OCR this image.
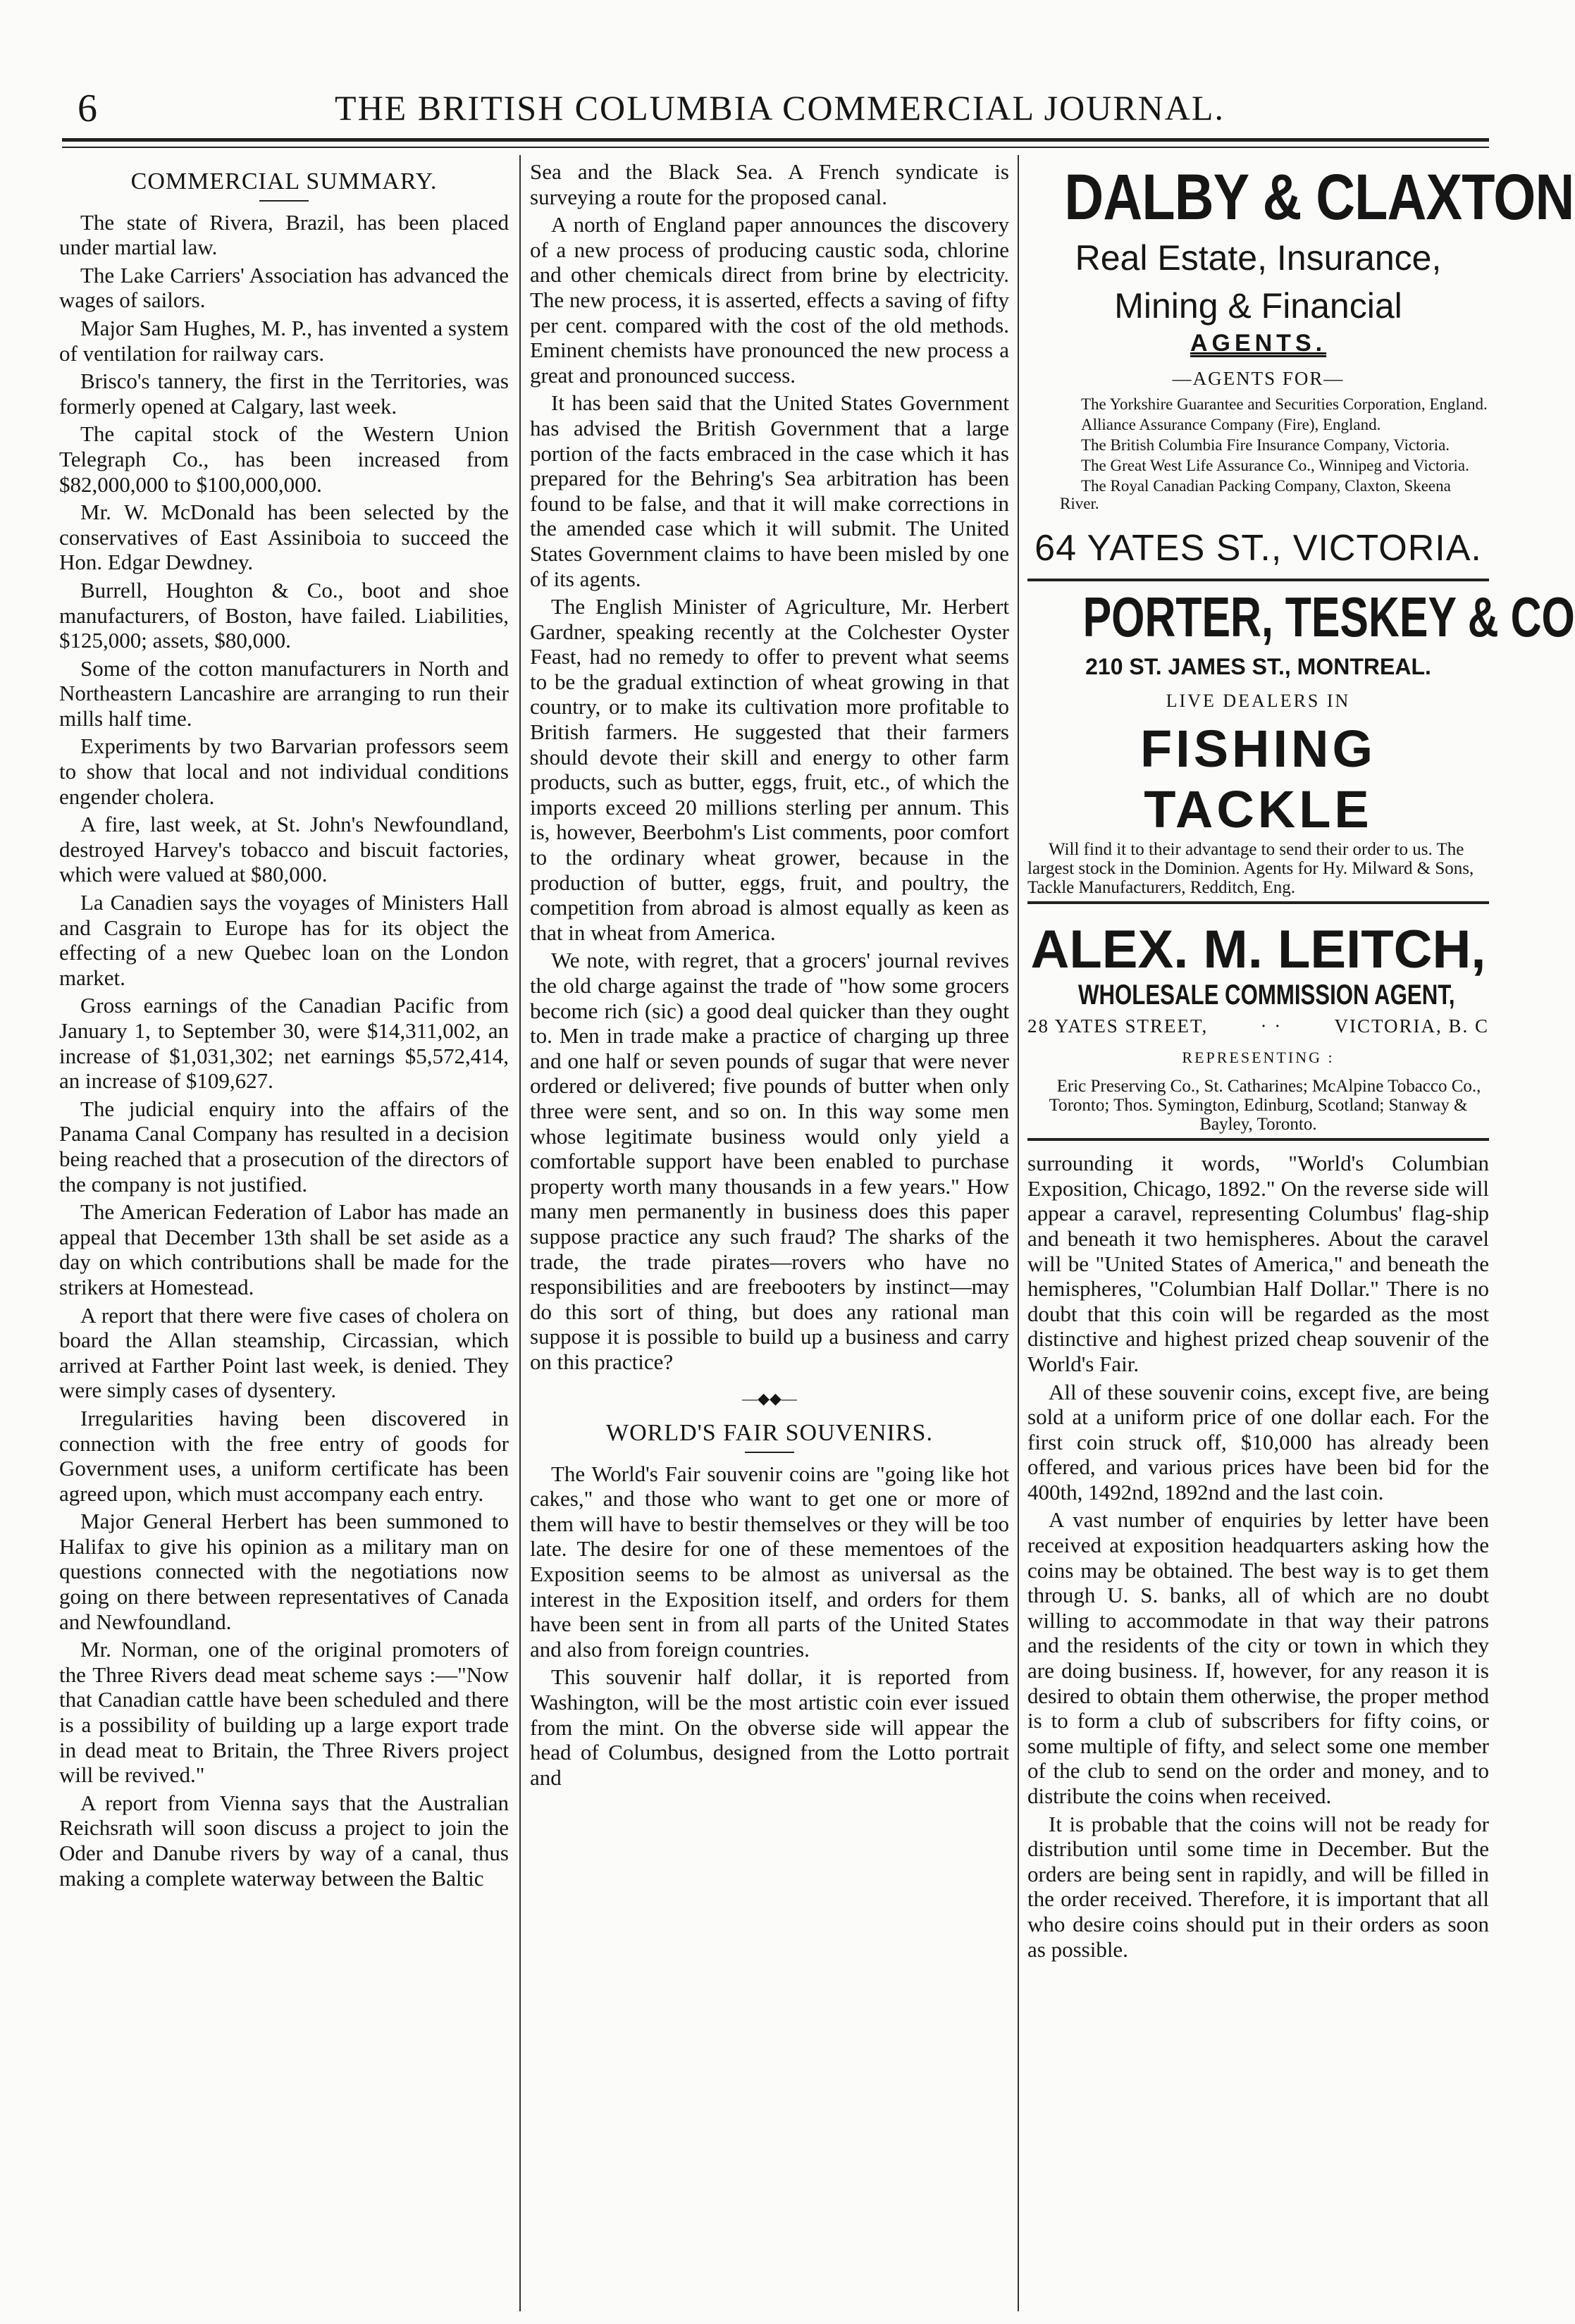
6	THE BRITISH COLUMBIA COMMERCIAL JOURNAL.
COMMERCIAL SUMMARY.

The state of Rivera, Brazil, has been placed under martial law.

The Lake Carriers' Association has advanced the wages of sailors.

Major Sam Hughes, M. P., has invented a system of ventilation for railway cars.

Brisco's tannery, the first in the Territories, was formerly opened at Calgary, last week.

The capital stock of the Western Union Telegraph Co., has been increased from $82,000,000 to $100,000,000.

Mr. W. McDonald has been selected by the conservatives of East Assiniboia to succeed the Hon. Edgar Dewdney.

Burrell, Houghton & Co., boot and shoe manufacturers, of Boston, have failed. Liabilities, $125,000; assets, $80,000.

Some of the cotton manufacturers in North and Northeastern Lancashire are arranging to run their mills half time.

Experiments by two Barvarian professors seem to show that local and not individual conditions engender cholera.

A fire, last week, at St. John's Newfoundland, destroyed Harvey's tobacco and biscuit factories, which were valued at $80,000.

La Canadien says the voyages of Ministers Hall and Casgrain to Europe has for its object the effecting of a new Quebec loan on the London market.

Gross earnings of the Canadian Pacific from January 1, to September 30, were $14,311,002, an increase of $1,031,302; net earnings $5,572,414, an increase of $109,627.

The judicial enquiry into the affairs of the Panama Canal Company has resulted in a decision being reached that a prosecution of the directors of the company is not justified.

The American Federation of Labor has made an appeal that December 13th shall be set aside as a day on which contributions shall be made for the strikers at Homestead.

A report that there were five cases of cholera on board the Allan steamship, Circassian, which arrived at Farther Point last week, is denied. They were simply cases of dysentery.

Irregularities having been discovered in connection with the free entry of goods for Government uses, a uniform certificate has been agreed upon, which must accompany each entry.

Major General Herbert has been summoned to Halifax to give his opinion as a military man on questions connected with the negotiations now going on there between representatives of Canada and Newfoundland.

Mr. Norman, one of the original promoters of the Three Rivers dead meat scheme says :—"Now that Canadian cattle have been scheduled and there is a possibility of building up a large export trade in dead meat to Britain, the Three Rivers project will be revived."

A report from Vienna says that the Australian Reichsrath will soon discuss a project to join the Oder and Danube rivers by way of a canal, thus making a complete waterway between the Baltic

Sea and the Black Sea. A French syndicate is surveying a route for the proposed canal.

A north of England paper announces the discovery of a new process of producing caustic soda, chlorine and other chemicals direct from brine by electricity. The new process, it is asserted, effects a saving of fifty per cent. compared with the cost of the old methods. Eminent chemists have pronounced the new process a great and pronounced success.

It has been said that the United States Government has advised the British Government that a large portion of the facts embraced in the case which it has prepared for the Behring's Sea arbitration has been found to be false, and that it will make corrections in the amended case which it will submit. The United States Government claims to have been misled by one of its agents.

The English Minister of Agriculture, Mr. Herbert Gardner, speaking recently at the Colchester Oyster Feast, had no remedy to offer to prevent what seems to be the gradual extinction of wheat growing in that country, or to make its cultivation more profitable to British farmers. He suggested that their farmers should devote their skill and energy to other farm products, such as butter, eggs, fruit, etc., of which the imports exceed 20 millions sterling per annum. This is, however, Beerbohm's List comments, poor comfort to the ordinary wheat grower, because in the production of butter, eggs, fruit, and poultry, the competition from abroad is almost equally as keen as that in wheat from America.

We note, with regret, that a grocers' journal revives the old charge against the trade of "how some grocers become rich (sic) a good deal quicker than they ought to. Men in trade make a practice of charging up three and one half or seven pounds of sugar that were never ordered or delivered; five pounds of butter when only three were sent, and so on. In this way some men whose legitimate business would only yield a comfortable support have been enabled to purchase property worth many thousands in a few years." How many men permanently in business does this paper suppose practice any such fraud? The sharks of the trade, the trade pirates—rovers who have no responsibilities and are freebooters by instinct—may do this sort of thing, but does any rational man suppose it is possible to build up a business and carry on this practice?

—◆◆—
WORLD'S FAIR SOUVENIRS.

The World's Fair souvenir coins are "going like hot cakes," and those who want to get one or more of them will have to bestir themselves or they will be too late. The desire for one of these mementoes of the Exposition seems to be almost as universal as the interest in the Exposition itself, and orders for them have been sent in from all parts of the United States and also from foreign countries.

This souvenir half dollar, it is reported from Washington, will be the most artistic coin ever issued from the mint. On the obverse side will appear the head of Columbus, designed from the Lotto portrait and

DALBY & CLAXTON
Real Estate, Insurance,
Mining & Financial
AGENTS.
—AGENTS FOR—

The Yorkshire Guarantee and Securities Corporation, England.

Alliance Assurance Company (Fire), England.

The British Columbia Fire Insurance Company, Victoria.

The Great West Life Assurance Co., Winnipeg and Victoria.

The Royal Canadian Packing Company, Claxton, Skeena River.

64 YATES ST., VICTORIA.
PORTER, TESKEY & CO
210 ST. JAMES ST., MONTREAL.
LIVE DEALERS IN
FISHING TACKLE

Will find it to their advantage to send their order to us. The largest stock in the Dominion. Agents for Hy. Milward & Sons, Tackle Manufacturers, Redditch, Eng.

ALEX. M. LEITCH,
WHOLESALE COMMISSION AGENT,
28 YATES STREET,	· ·	VICTORIA, B. C
REPRESENTING :

Eric Preserving Co., St. Catharines; McAlpine Tobacco Co., Toronto; Thos. Symington, Edinburg, Scotland; Stanway & Bayley, Toronto.

surrounding it words, "World's Columbian Exposition, Chicago, 1892." On the reverse side will appear a caravel, representing Columbus' flag-ship and beneath it two hemispheres. About the caravel will be "United States of America," and beneath the hemispheres, "Columbian Half Dollar." There is no doubt that this coin will be regarded as the most distinctive and highest prized cheap souvenir of the World's Fair.

All of these souvenir coins, except five, are being sold at a uniform price of one dollar each. For the first coin struck off, $10,000 has already been offered, and various prices have been bid for the 400th, 1492nd, 1892nd and the last coin.

A vast number of enquiries by letter have been received at exposition headquarters asking how the coins may be obtained. The best way is to get them through U. S. banks, all of which are no doubt willing to accommodate in that way their patrons and the residents of the city or town in which they are doing business. If, however, for any reason it is desired to obtain them otherwise, the proper method is to form a club of subscribers for fifty coins, or some multiple of fifty, and select some one member of the club to send on the order and money, and to distribute the coins when received.

It is probable that the coins will not be ready for distribution until some time in December. But the orders are being sent in rapidly, and will be filled in the order received. Therefore, it is important that all who desire coins should put in their orders as soon as possible.
